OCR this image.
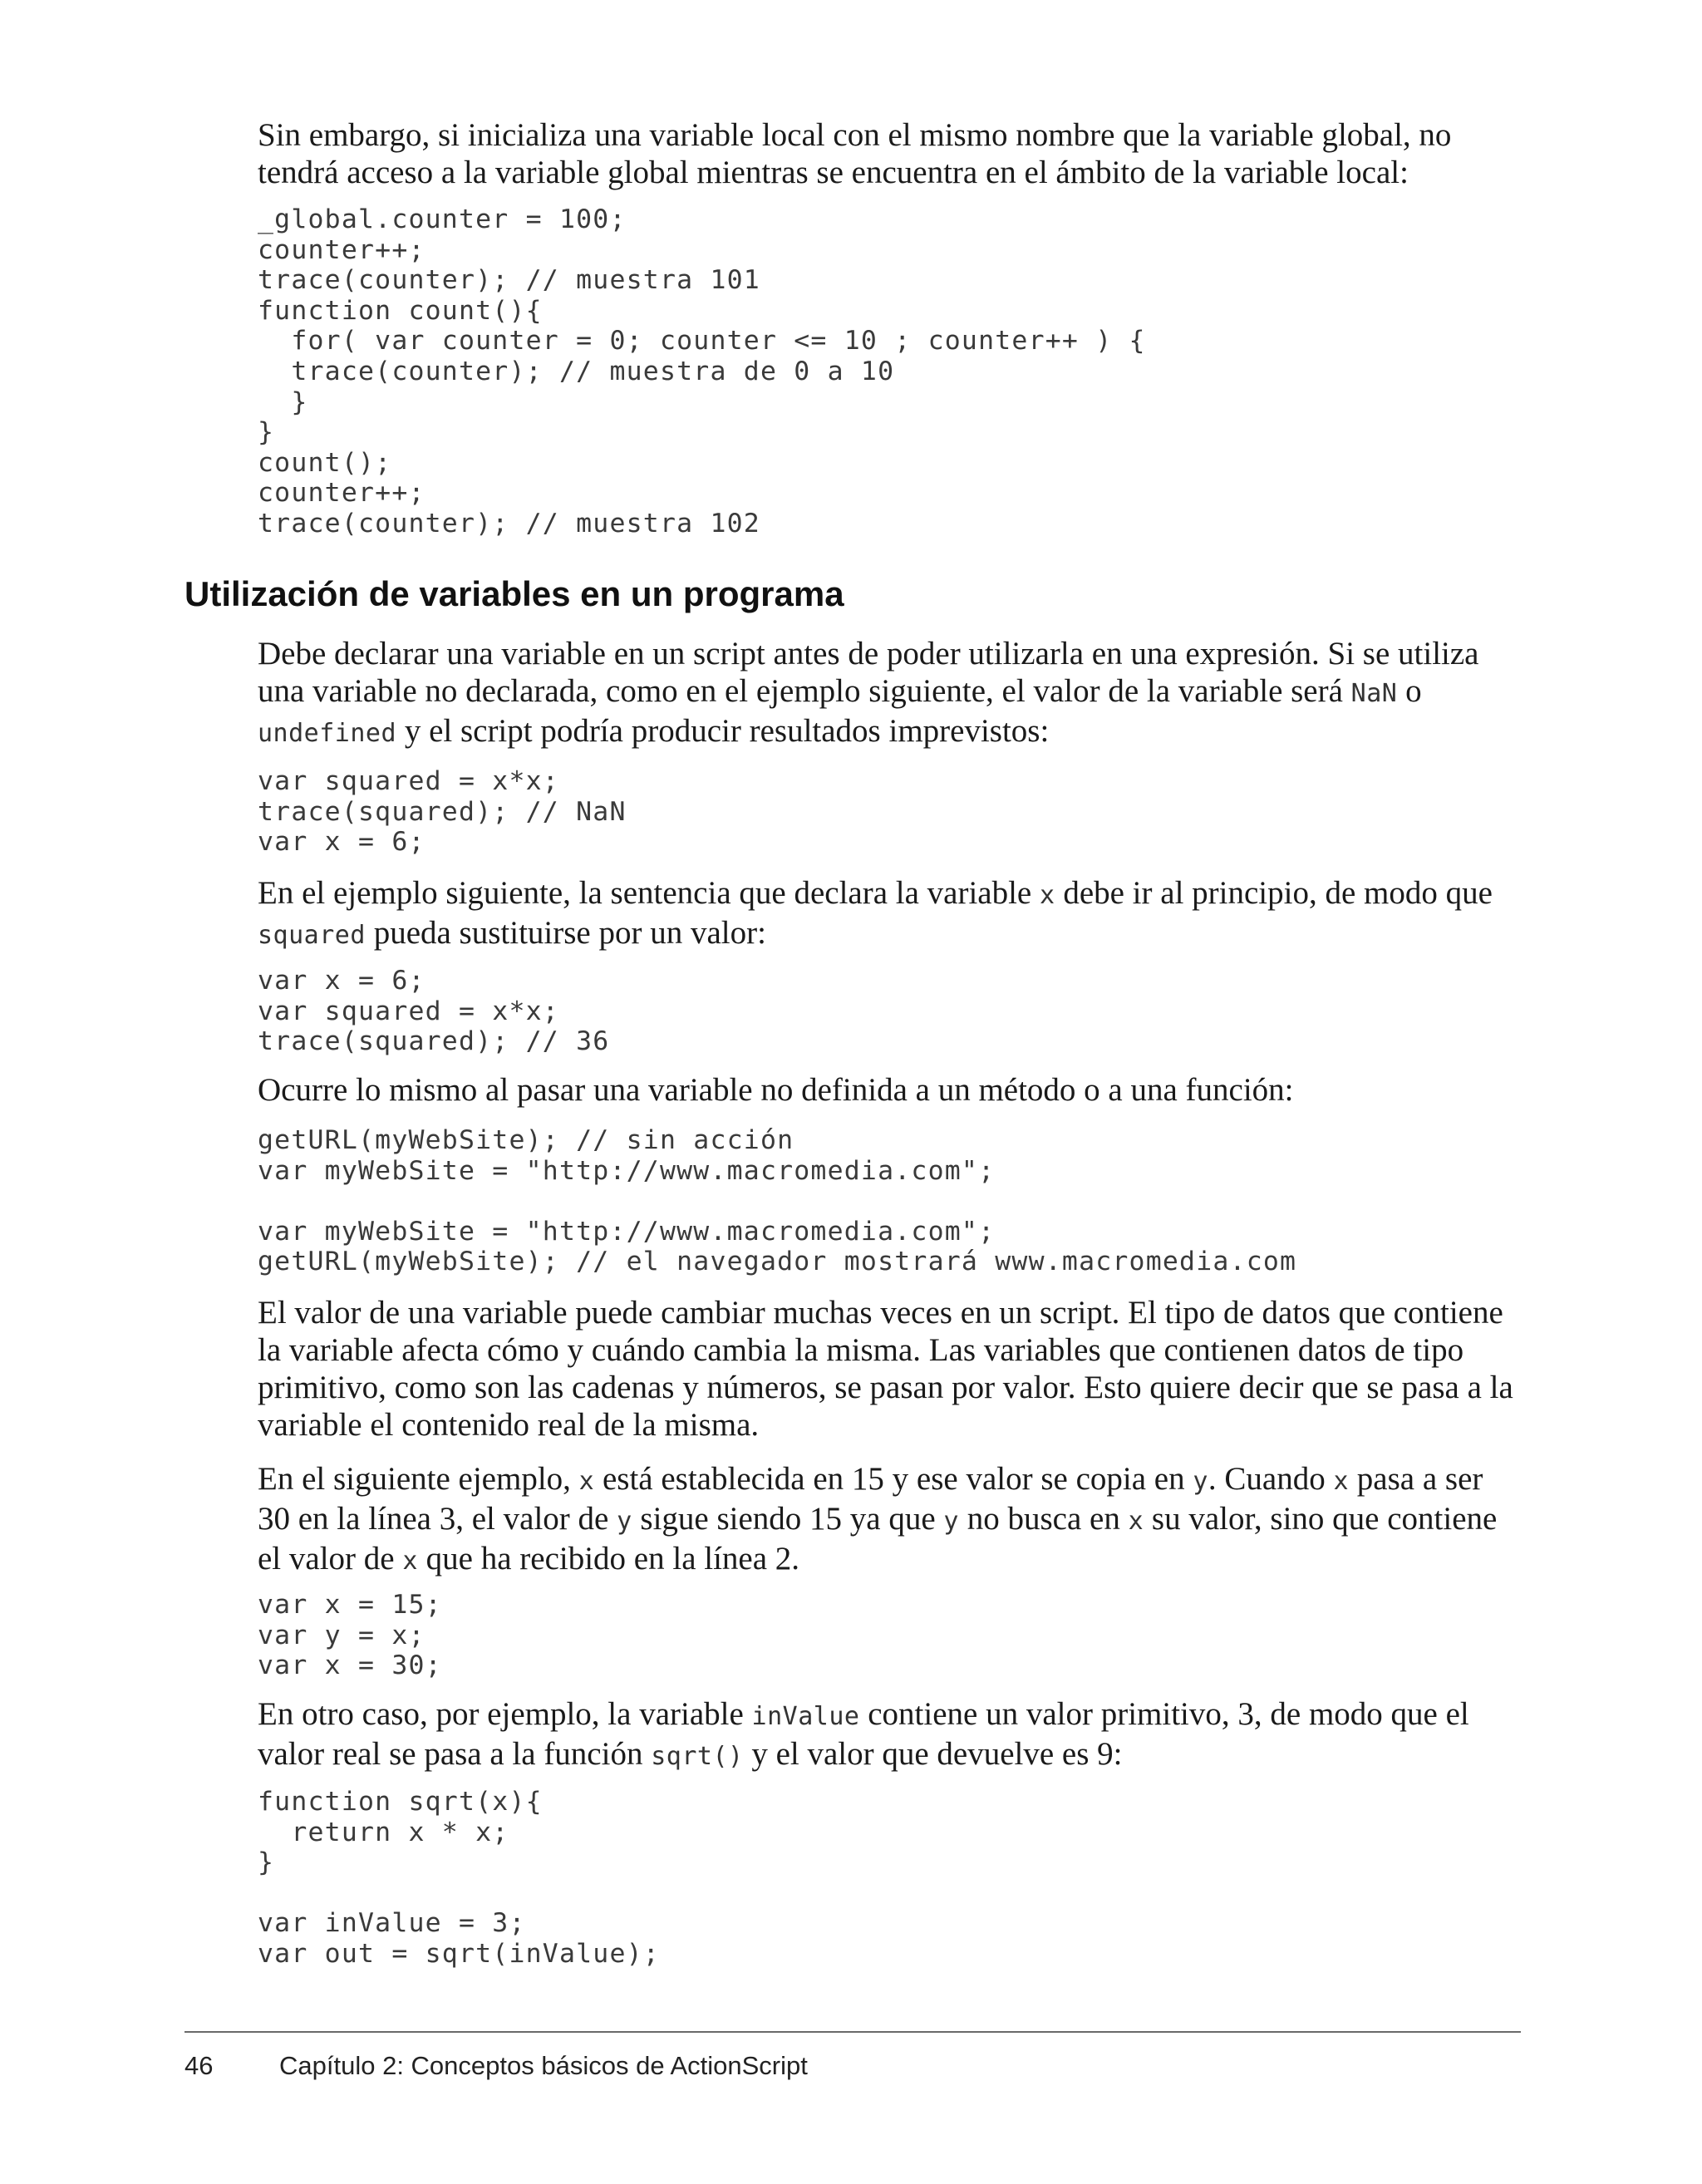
Sin embargo, si inicializa una variable local con el mismo nombre que la variable global, no tendrá acceso a la variable global mientras se encuentra en el ámbito de la variable local:

_global.counter = 100;
counter++;
trace(counter); // muestra 101
function count(){
for( var counter = 0; counter <= 10 ; counter++ ) {
trace(counter); // muestra de 0 a 10
}
}
count();
counter++;
trace(counter); // muestra 102
Utilización de variables en un programa

Debe declarar una variable en un script antes de poder utilizarla en una expresión. Si se utiliza una variable no declarada, como en el ejemplo siguiente, el valor de la variable será NaN o undefined y el script podría producir resultados imprevistos:

var squared = x*x;
trace(squared); // NaN
var x = 6;

En el ejemplo siguiente, la sentencia que declara la variable x debe ir al principio, de modo que squared pueda sustituirse por un valor:

var x = 6;
var squared = x*x;
trace(squared); // 36

Ocurre lo mismo al pasar una variable no definida a un método o a una función:

getURL(myWebSite); // sin acción
var myWebSite = "http://www.macromedia.com";

var myWebSite = "http://www.macromedia.com";
getURL(myWebSite); // el navegador mostrará www.macromedia.com

El valor de una variable puede cambiar muchas veces en un script. El tipo de datos que contiene la variable afecta cómo y cuándo cambia la misma. Las variables que contienen datos de tipo primitivo, como son las cadenas y números, se pasan por valor. Esto quiere decir que se pasa a la variable el contenido real de la misma.

En el siguiente ejemplo, x está establecida en 15 y ese valor se copia en y. Cuando x pasa a ser 30 en la línea 3, el valor de y sigue siendo 15 ya que y no busca en x su valor, sino que contiene el valor de x que ha recibido en la línea 2.

var x = 15;
var y = x;
var x = 30;

En otro caso, por ejemplo, la variable inValue contiene un valor primitivo, 3, de modo que el valor real se pasa a la función sqrt() y el valor que devuelve es 9:

function sqrt(x){
return x * x;
}

var inValue = 3;
var out = sqrt(inValue);
46	Capítulo 2: Conceptos básicos de ActionScript
